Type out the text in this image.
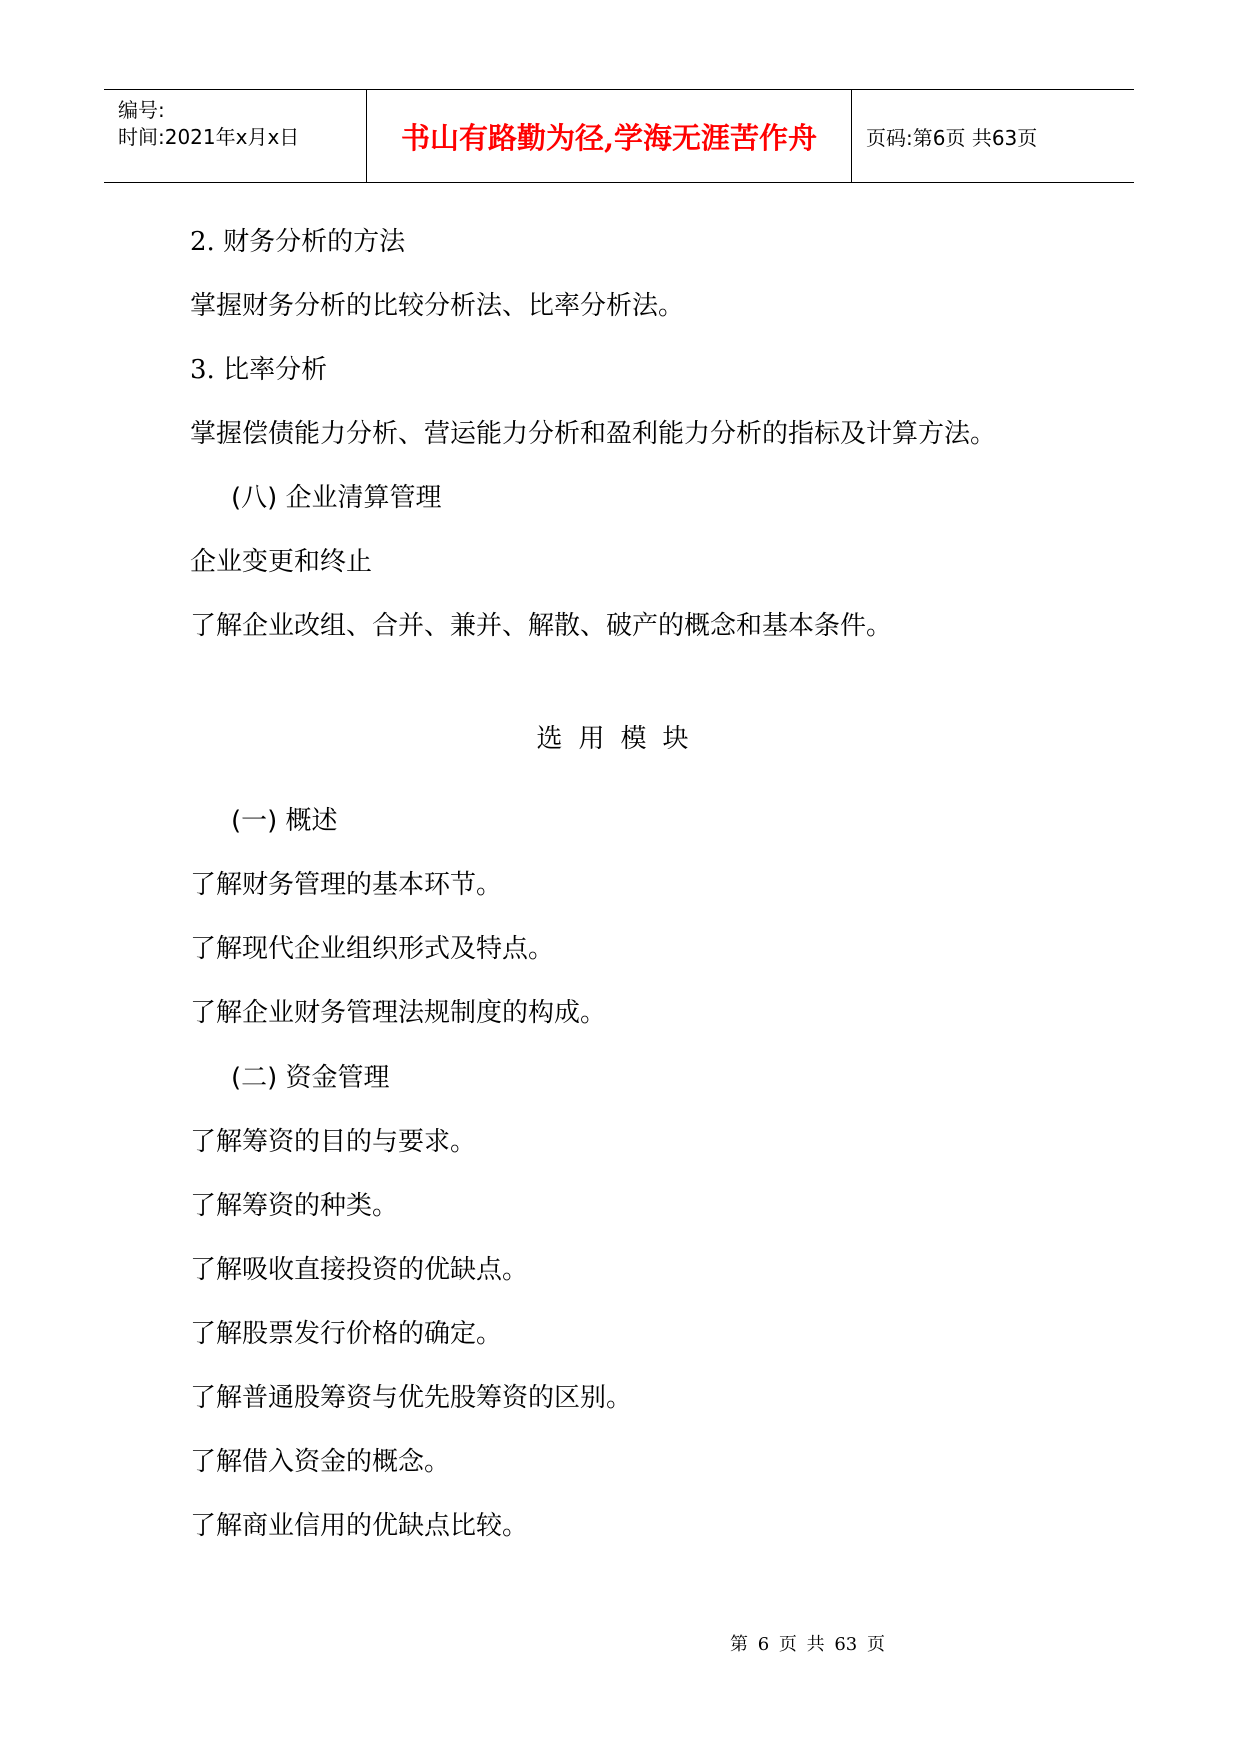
编号:
时间:2021年x月x日	书山有路勤为径,学海无涯苦作舟	页码:第6页 共63页
2. 财务分析的方法
掌握财务分析的比较分析法、比率分析法。
3. 比率分析
掌握偿债能力分析、营运能力分析和盈利能力分析的指标及计算方法。
(八) 企业清算管理
企业变更和终止
了解企业改组、合并、兼并、解散、破产的概念和基本条件。
选用模块
(一) 概述
了解财务管理的基本环节。
了解现代企业组织形式及特点。
了解企业财务管理法规制度的构成。
(二) 资金管理
了解筹资的目的与要求。
了解筹资的种类。
了解吸收直接投资的优缺点。
了解股票发行价格的确定。
了解普通股筹资与优先股筹资的区别。
了解借入资金的概念。
了解商业信用的优缺点比较。
第 6 页 共 63 页
